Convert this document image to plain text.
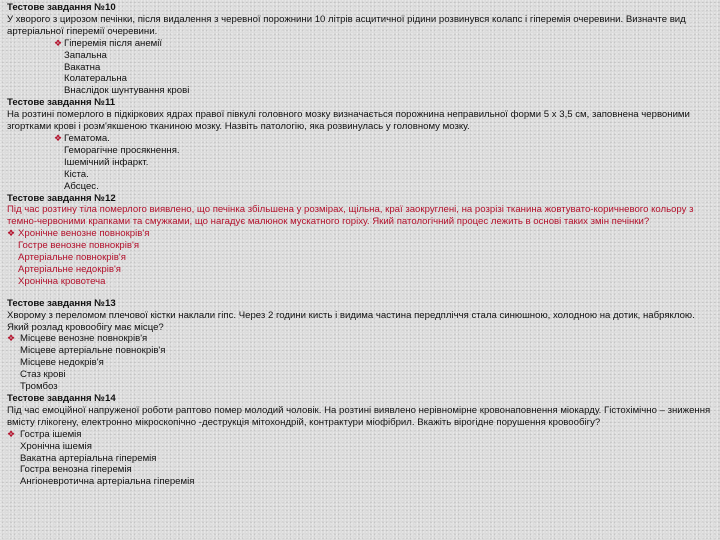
Тестове завдання №10
У хворого з цирозом печінки, після видалення з черевної порожнини 10 літрів асцитичної рідини розвинувся колапс і гіперемія очеревини. Визначте вид артеріальної гіперемії очеревини.
❖ Гіперемія після анемії
Запальна
Вакатна
Колатеральна
Внаслідок шунтування крові
Тестове завдання №11
На розтині померлого в підкіркових ядрах правої півкулі головного мозку визначається порожнина неправильної форми 5 х 3,5 см, заповнена червоними згортками крові і розм'якшеною тканиною мозку. Назвіть патологію, яка розвинулась у головному мозку.
❖ Гематома.
Геморагічне просякнення.
Ішемічний інфаркт.
Кіста.
Абсцес.
Тестове завдання №12
Під час розтину тіла померлого виявлено, що печінка збільшена у розмірах, щільна, краї заокруглені, на розрізі тканина жовтувато-коричневого кольору з темно-червоними крапками та смужками, що нагадує малюнок мускатного горіху. Який патологічний процес лежить в основі таких змін печінки?
❖ Хронічне венозне повнокрів'я
Гостре венозне повнокрів'я
Артеріальне повнокрів'я
Артеріальне недокрів'я
Хронічна кровотеча
Тестове завдання №13
Хворому з переломом плечової кістки наклали гіпс. Через 2 години кисть і видима частина передпліччя стала синюшною, холодною на дотик, набряклою. Який розлад кровообігу має місце?
❖ Місцеве венозне повнокрів'я
Місцеве артеріальне повнокрів'я
Місцеве недокрів'я
Стаз крові
Тромбоз
Тестове завдання №14
Під час емоційної напруженої роботи раптово помер молодий чоловік. На розтині виявлено нерівномірне кровонаповнення міокарду. Гістохімічно – зниження вмісту глікогену, електронно мікроскопічно -деструкція мітохондрій, контрактури міофібрил. Вкажіть вірогідне порушення кровообігу?
❖ Гостра ішемія
Хронічна ішемія
Вакатна артеріальна гіперемія
Гостра венозна гіперемія
Ангіоневротична артеріальна гіперемія
